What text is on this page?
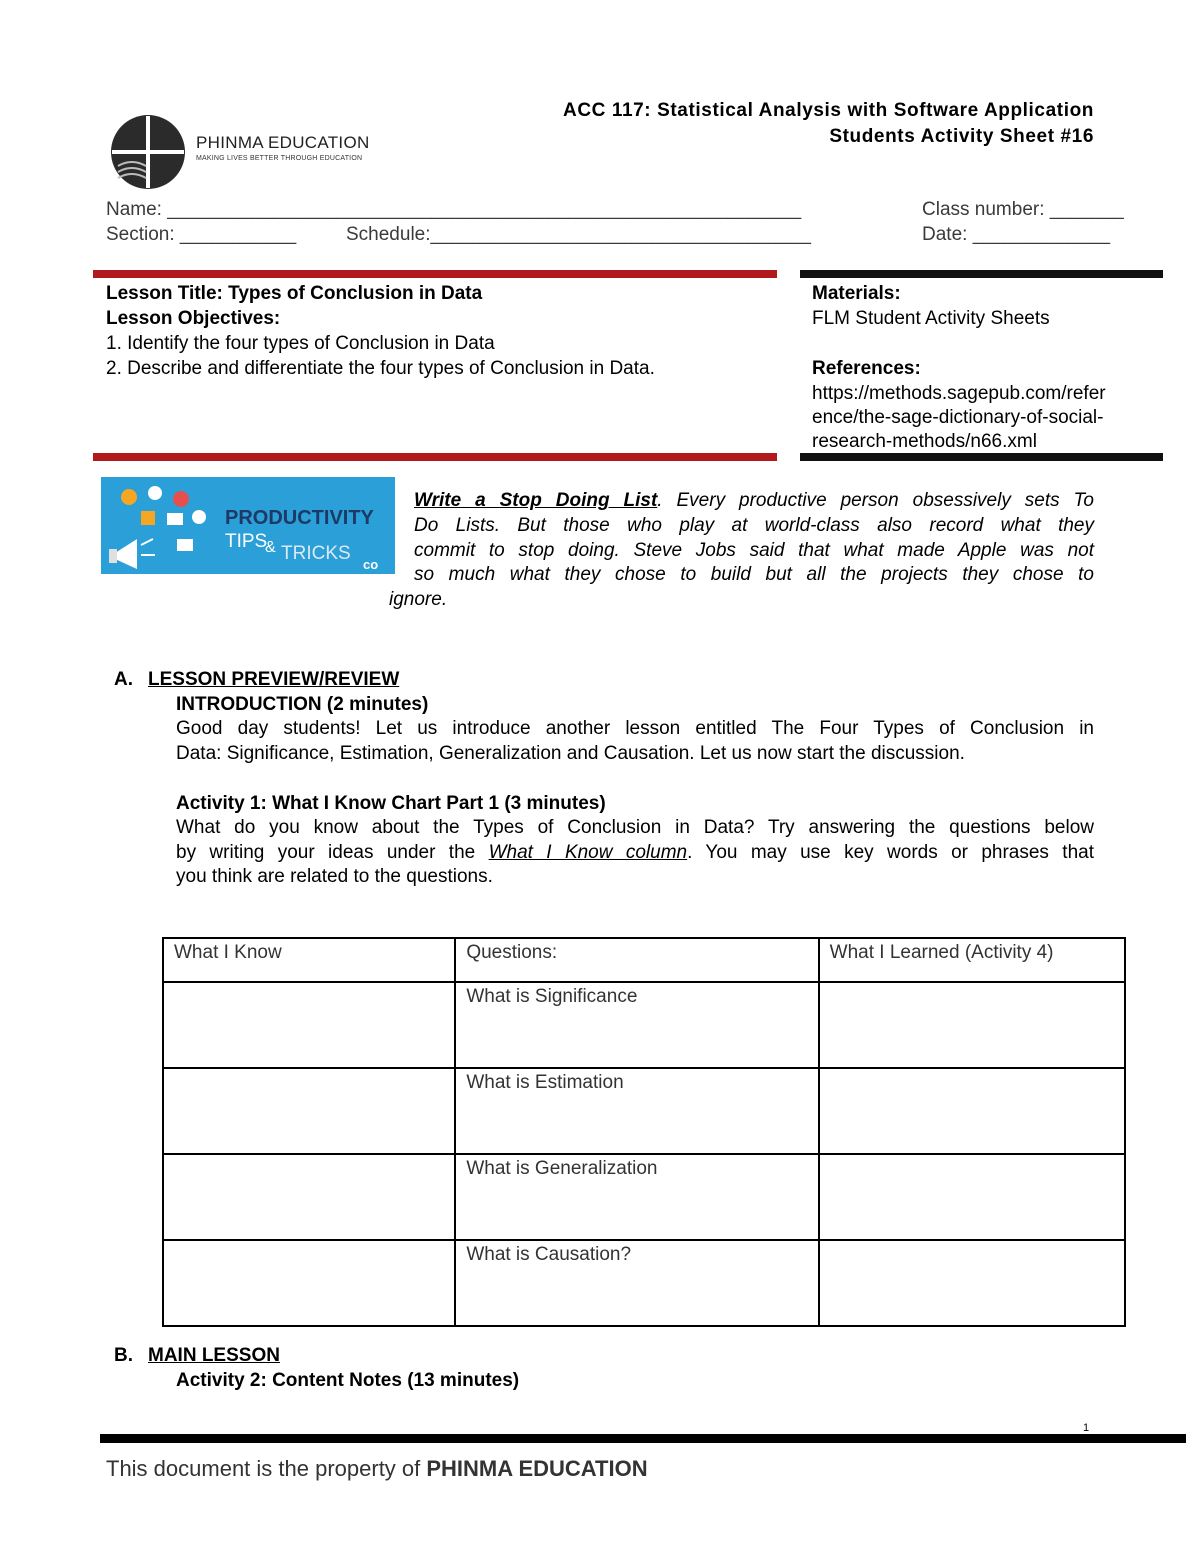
PHINMA EDUCATION
MAKING LIVES BETTER THROUGH EDUCATION
ACC 117: Statistical Analysis with Software Application
Students Activity Sheet #16
Name: ____________________________________________________________	Class number: _______
Section: ___________	Schedule:____________________________________	Date: _____________
Lesson Title: Types of Conclusion in Data
Lesson Objectives:
1. Identify the four types of Conclusion in Data
2. Describe and differentiate the four types of Conclusion in Data.
Materials:
FLM Student Activity Sheets
References:
https://methods.sagepub.com/refer
ence/the-sage-dictionary-of-social-
research-methods/n66.xml
PRODUCTIVITY
TIPS
& TRICKS
co
Write a Stop Doing List. Every productive person obsessively sets To
Do Lists. But those who play at world-class also record what they
commit to stop doing. Steve Jobs said that what made Apple was not
so much what they chose to build but all the projects they chose to
ignore.
A. LESSON PREVIEW/REVIEW
INTRODUCTION (2 minutes)
Good day students! Let us introduce another lesson entitled The Four Types of Conclusion in
Data: Significance, Estimation, Generalization and Causation. Let us now start the discussion.
Activity 1: What I Know Chart Part 1 (3 minutes)
What do you know about the Types of Conclusion in Data? Try answering the questions below
by writing your ideas under the What I Know column. You may use key words or phrases that
you think are related to the questions.
What I Know	Questions:	What I Learned (Activity 4)
	What is Significance	
	What is Estimation	
	What is Generalization	
	What is Causation?	
B. MAIN LESSON
Activity 2: Content Notes (13 minutes)
1
This document is the property of PHINMA EDUCATION
